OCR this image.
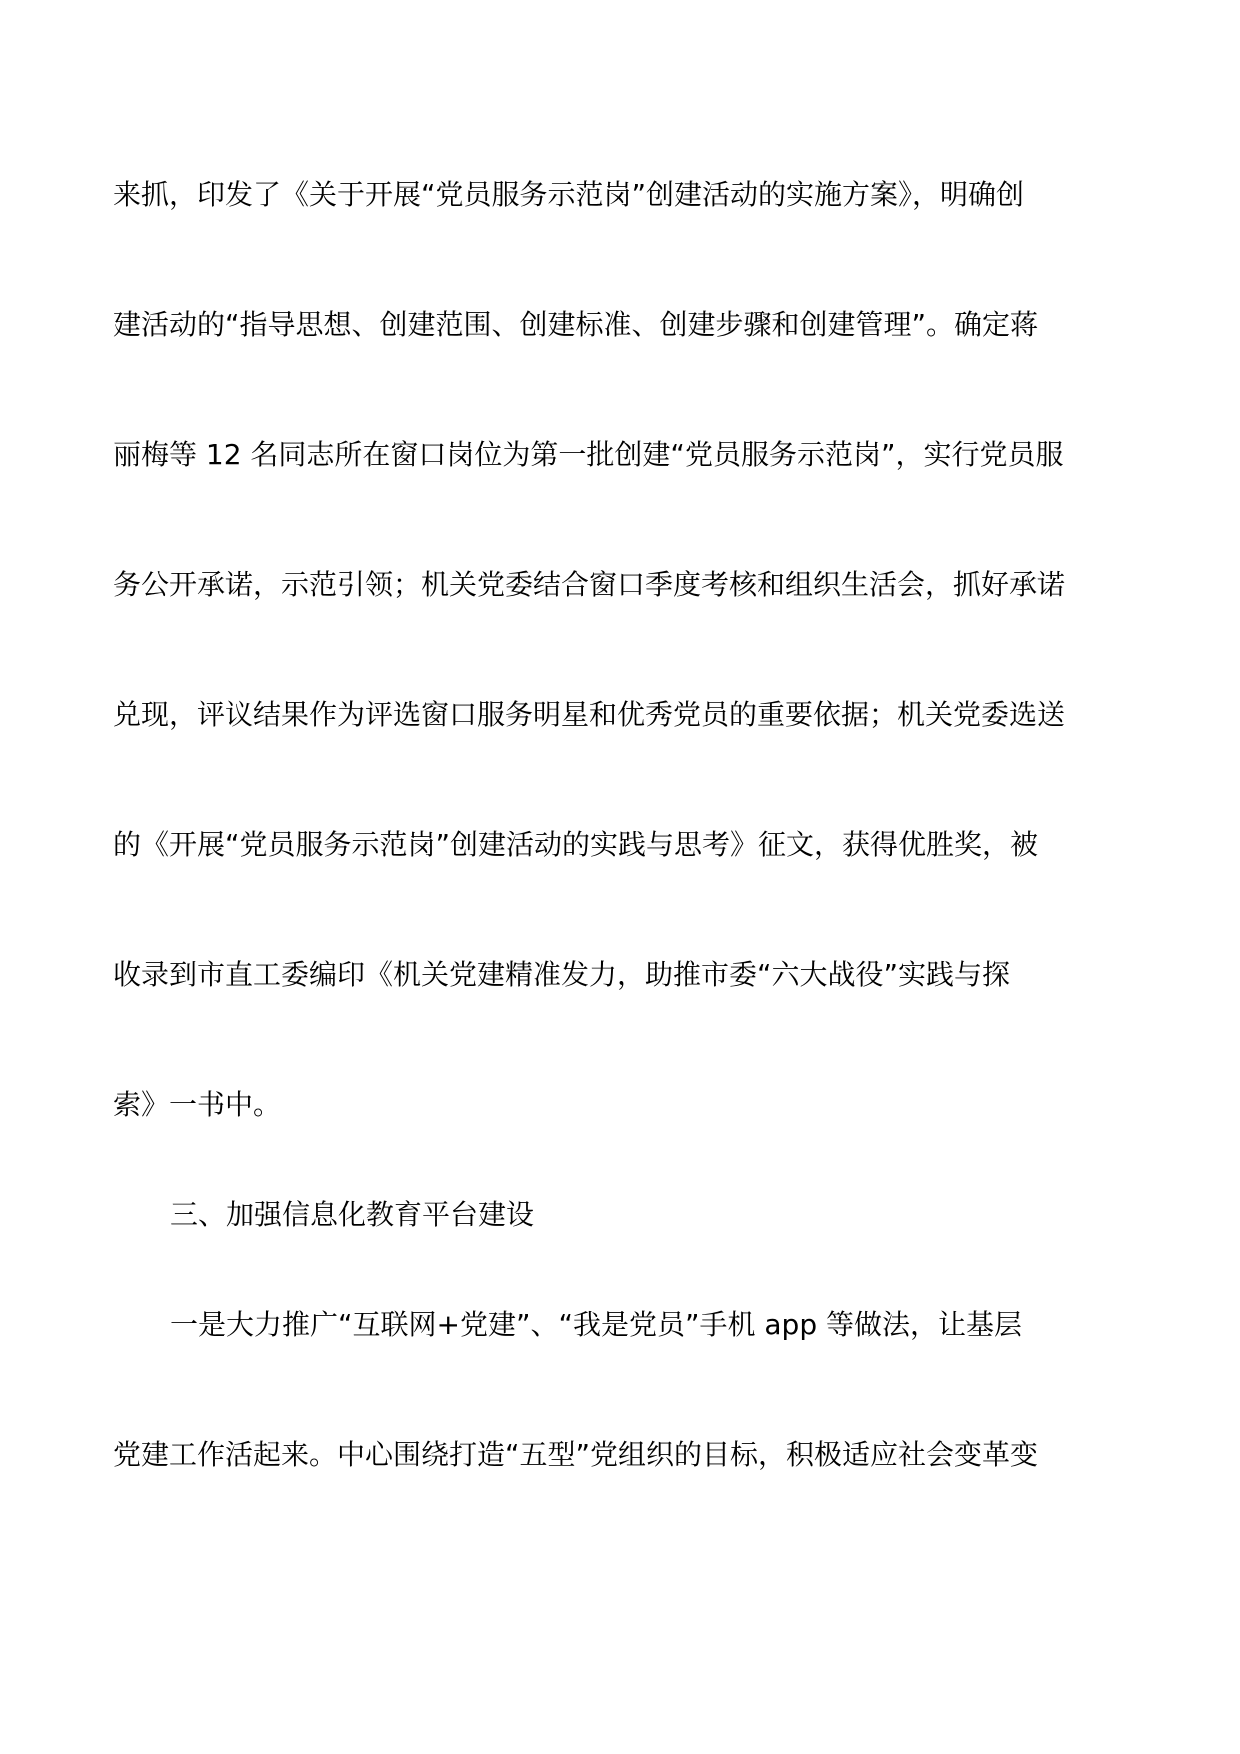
来抓，印发了《关于开展“党员服务示范岗”创建活动的实施方案》，明确创
建活动的“指导思想、创建范围、创建标准、创建步骤和创建管理”。确定蒋
丽梅等 12 名同志所在窗口岗位为第一批创建“党员服务示范岗”，实行党员服
务公开承诺，示范引领；机关党委结合窗口季度考核和组织生活会，抓好承诺
兑现，评议结果作为评选窗口服务明星和优秀党员的重要依据；机关党委选送
的《开展“党员服务示范岗”创建活动的实践与思考》征文，获得优胜奖，被
收录到市直工委编印《机关党建精准发力，助推市委“六大战役”实践与探
索》一书中。
三、加强信息化教育平台建设
一是大力推广“互联网+党建”、“我是党员”手机 app 等做法，让基层
党建工作活起来。中心围绕打造“五型”党组织的目标，积极适应社会变革变
